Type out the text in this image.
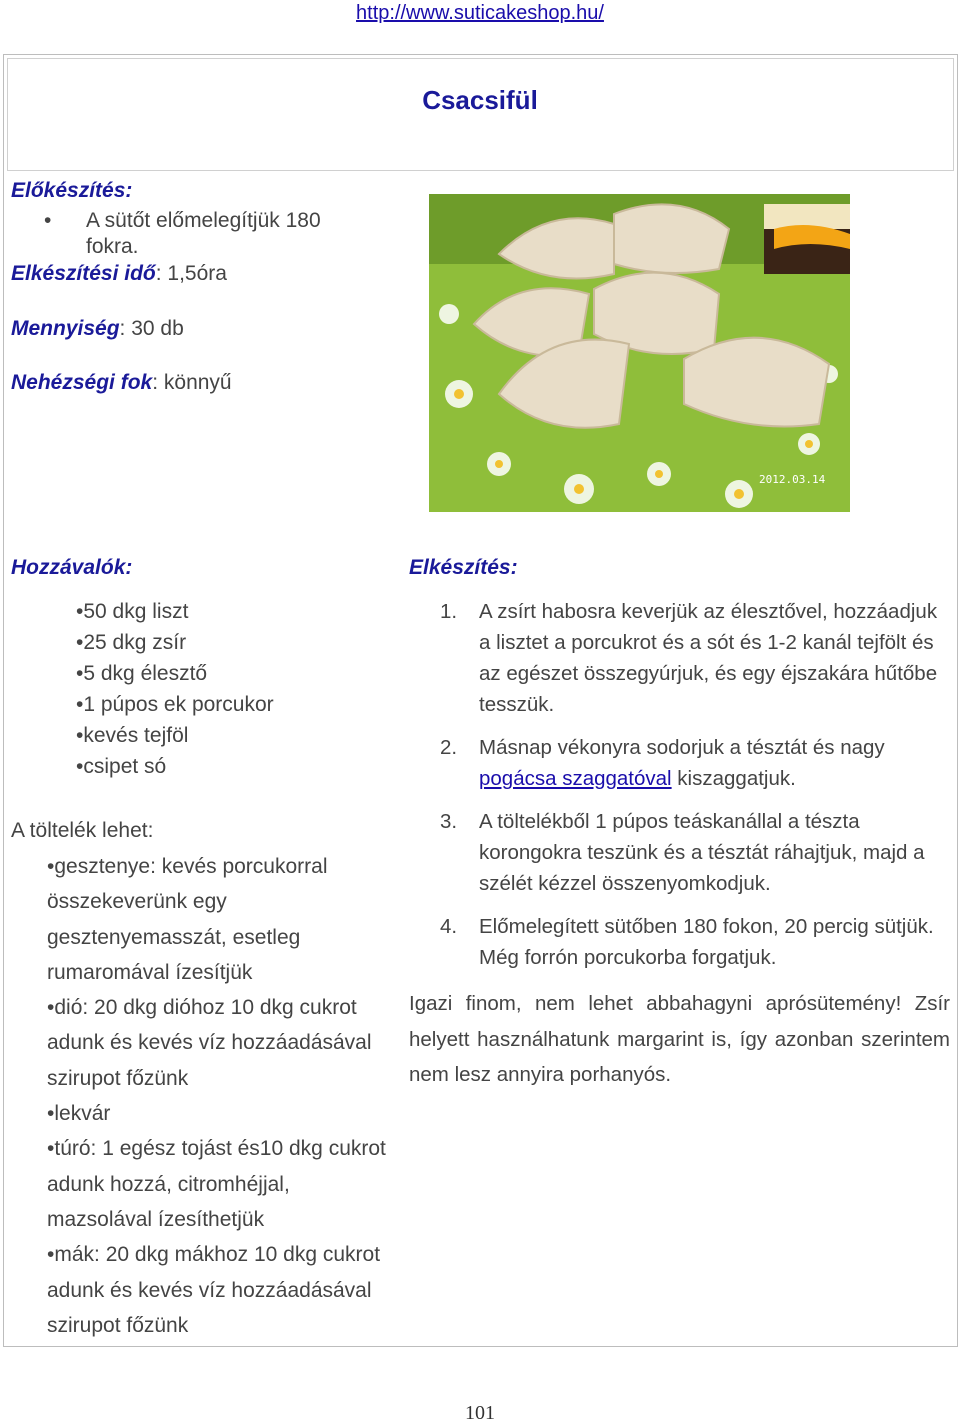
http://www.suticakeshop.hu/
Csacsifül
Előkészítés:
• A sütőt előmelegítjük 180
fokra.
Elkészítési idő: 1,5óra
Mennyiség: 30 db
Nehézségi fok: könnyű
2012.03.14
Hozzávalók:
•50 dkg liszt
•25 dkg zsír
•5 dkg élesztő
•1 púpos ek porcukor
•kevés tejföl
•csipet só
A töltelék lehet:
•gesztenye: kevés porcukorral összekeverünk egy gesztenyemasszát, esetleg rumaromával ízesítjük
•dió: 20 dkg dióhoz 10 dkg cukrot adunk és kevés víz hozzáadásával szirupot főzünk
•lekvár
•túró: 1 egész tojást és10 dkg cukrot adunk hozzá, citromhéjjal, mazsolával ízesíthetjük
•mák: 20 dkg mákhoz 10 dkg cukrot adunk és kevés víz hozzáadásával szirupot főzünk
Elkészítés:
1.	A zsírt habosra keverjük az élesztővel, hozzáadjuk a lisztet a porcukrot és a sót és 1-2 kanál tejfölt és az egészet összegyúrjuk, és egy éjszakára hűtőbe tesszük.
2.	Másnap vékonyra sodorjuk a tésztát és nagy pogácsa szaggatóval kiszaggatjuk.
3.	A töltelékből 1 púpos teáskanállal a tészta korongokra teszünk és a tésztát ráhajtjuk, majd a szélét kézzel összenyomkodjuk.
4.	Előmelegített sütőben 180 fokon, 20 percig sütjük. Még forrón porcukorba forgatjuk.

Igazi finom, nem lehet abbahagyni aprósütemény! Zsír helyett használhatunk margarint is, így azonban szerintem nem lesz annyira porhanyós.

101
